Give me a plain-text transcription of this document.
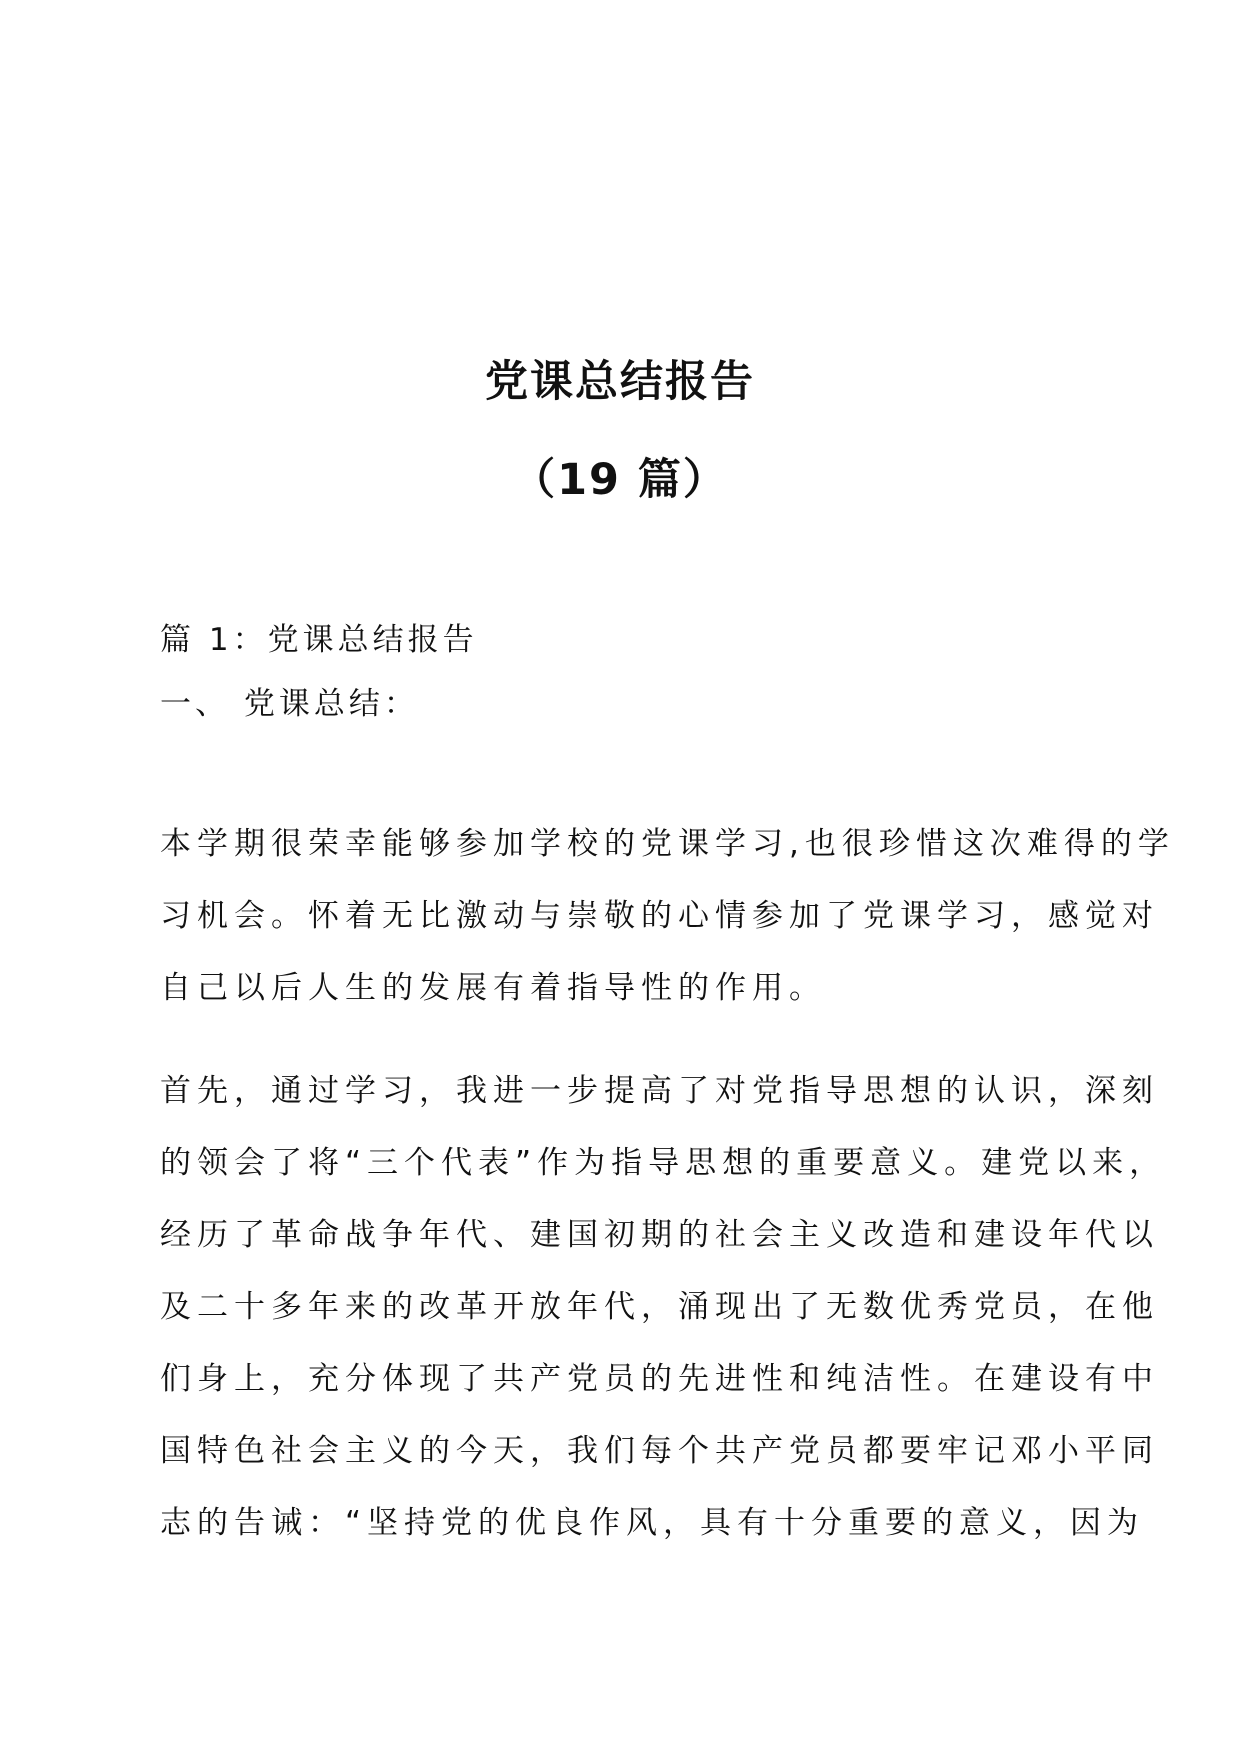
党课总结报告
（19 篇）
篇 1：党课总结报告
一、 党课总结：
本学期很荣幸能够参加学校的党课学习,也很珍惜这次难得的学
习机会。怀着无比激动与崇敬的心情参加了党课学习，感觉对
自己以后人生的发展有着指导性的作用。
首先，通过学习，我进一步提高了对党指导思想的认识，深刻
的领会了将“三个代表”作为指导思想的重要意义。建党以来，
经历了革命战争年代、建国初期的社会主义改造和建设年代以
及二十多年来的改革开放年代，涌现出了无数优秀党员，在他
们身上，充分体现了共产党员的先进性和纯洁性。在建设有中
国特色社会主义的今天，我们每个共产党员都要牢记邓小平同
志的告诫：“坚持党的优良作风，具有十分重要的意义，因为
